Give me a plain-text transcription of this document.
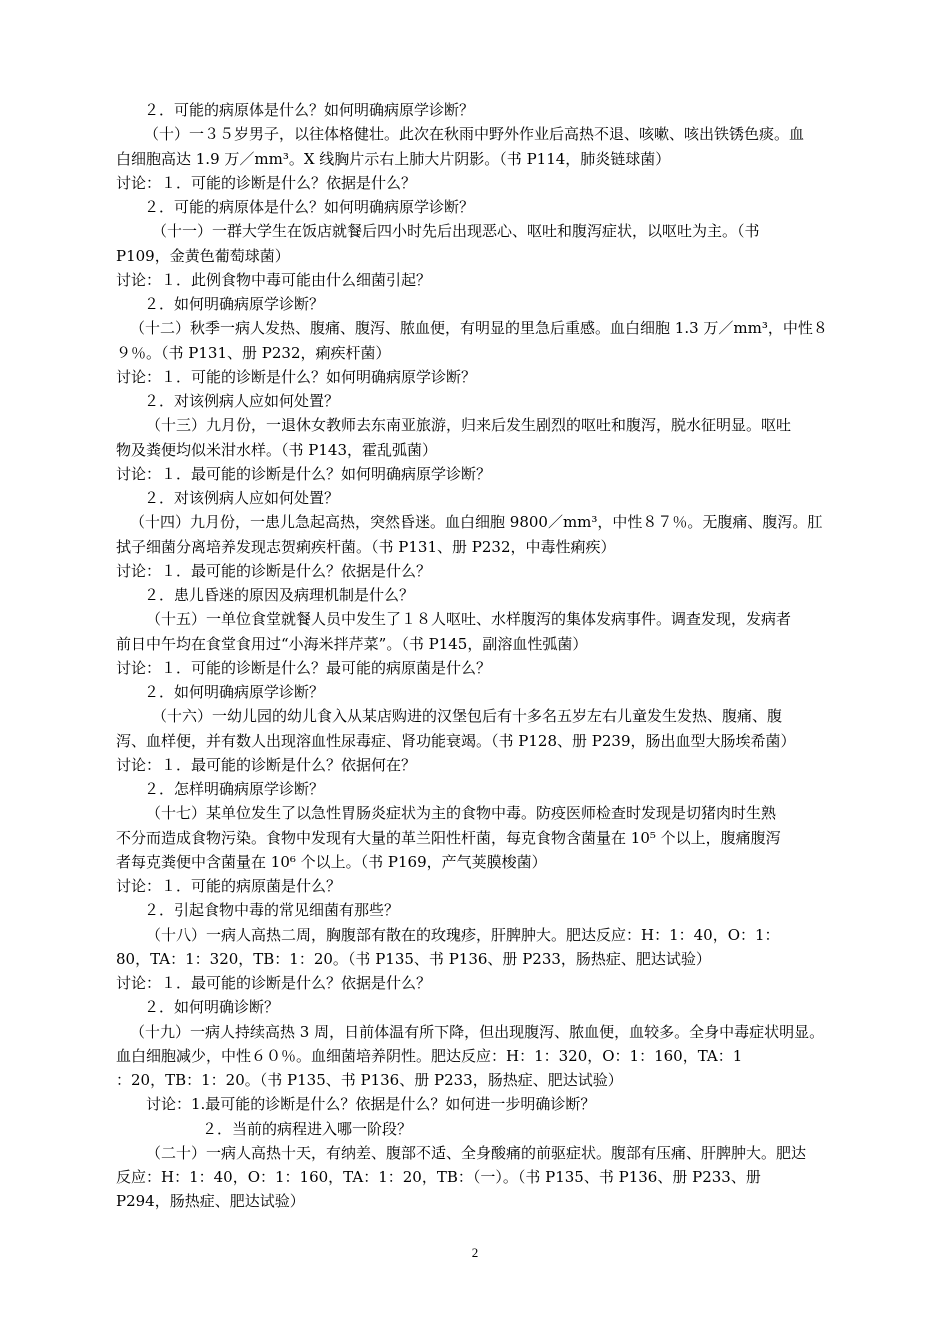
２．可能的病原体是什么？如何明确病原学诊断？
（十）一３５岁男子，以往体格健壮。此次在秋雨中野外作业后高热不退、咳嗽、咳出铁锈色痰。血
白细胞高达 1.9 万／mm³。X 线胸片示右上肺大片阴影。（书 P114，肺炎链球菌）
讨论：１．可能的诊断是什么？依据是什么？
２．可能的病原体是什么？如何明确病原学诊断？
（十一）一群大学生在饭店就餐后四小时先后出现恶心、呕吐和腹泻症状，以呕吐为主。（书
P109，金黄色葡萄球菌）
讨论：１．此例食物中毒可能由什么细菌引起？
２．如何明确病原学诊断？
（十二）秋季一病人发热、腹痛、腹泻、脓血便，有明显的里急后重感。血白细胞 1.3 万／mm³，中性８
９％。（书 P131、册 P232，痢疾杆菌）
讨论：１．可能的诊断是什么？如何明确病原学诊断？
２．对该例病人应如何处置？
（十三）九月份，一退休女教师去东南亚旅游，归来后发生剧烈的呕吐和腹泻，脱水征明显。呕吐
物及粪便均似米泔水样。（书 P143，霍乱弧菌）
讨论：１．最可能的诊断是什么？如何明确病原学诊断？
２．对该例病人应如何处置？
（十四）九月份，一患儿急起高热，突然昏迷。血白细胞 9800／mm³，中性８７％。无腹痛、腹泻。肛
拭子细菌分离培养发现志贺痢疾杆菌。（书 P131、册 P232，中毒性痢疾）
讨论：１．最可能的诊断是什么？依据是什么？
２．患儿昏迷的原因及病理机制是什么？
（十五）一单位食堂就餐人员中发生了１８人呕吐、水样腹泻的集体发病事件。调查发现，发病者
前日中午均在食堂食用过“小海米拌芹菜”。（书 P145，副溶血性弧菌）
讨论：１．可能的诊断是什么？最可能的病原菌是什么？
２．如何明确病原学诊断？
（十六）一幼儿园的幼儿食入从某店购进的汉堡包后有十多名五岁左右儿童发生发热、腹痛、腹
泻、血样便，并有数人出现溶血性尿毒症、肾功能衰竭。（书 P128、册 P239，肠出血型大肠埃希菌）
讨论：１．最可能的诊断是什么？依据何在？
２．怎样明确病原学诊断？
（十七）某单位发生了以急性胃肠炎症状为主的食物中毒。防疫医师检查时发现是切猪肉时生熟
不分而造成食物污染。食物中发现有大量的革兰阳性杆菌，每克食物含菌量在 10⁵ 个以上，腹痛腹泻
者每克粪便中含菌量在 10⁶ 个以上。（书 P169，产气荚膜梭菌）
讨论：１．可能的病原菌是什么？
２．引起食物中毒的常见细菌有那些？
（十八）一病人高热二周，胸腹部有散在的玫瑰疹，肝脾肿大。肥达反应：H：1：40，O：1：
80，TA：1：320，TB：1：20。（书 P135、书 P136、册 P233，肠热症、肥达试验）
讨论：１．最可能的诊断是什么？依据是什么？
２．如何明确诊断？
（十九）一病人持续高热 3 周，日前体温有所下降，但出现腹泻、脓血便，血较多。全身中毒症状明显。
血白细胞减少，中性６０％。血细菌培养阴性。肥达反应：H：1：320，O：1：160，TA：1
：20，TB：1：20。（书 P135、书 P136、册 P233，肠热症、肥达试验）
讨论：1.最可能的诊断是什么？依据是什么？如何进一步明确诊断？
２．当前的病程进入哪一阶段？
（二十）一病人高热十天，有纳差、腹部不适、全身酸痛的前驱症状。腹部有压痛、肝脾肿大。肥达
反应：H：1：40，O：1：160，TA：1：20，TB：（一）。（书 P135、书 P136、册 P233、册
P294，肠热症、肥达试验）
2
